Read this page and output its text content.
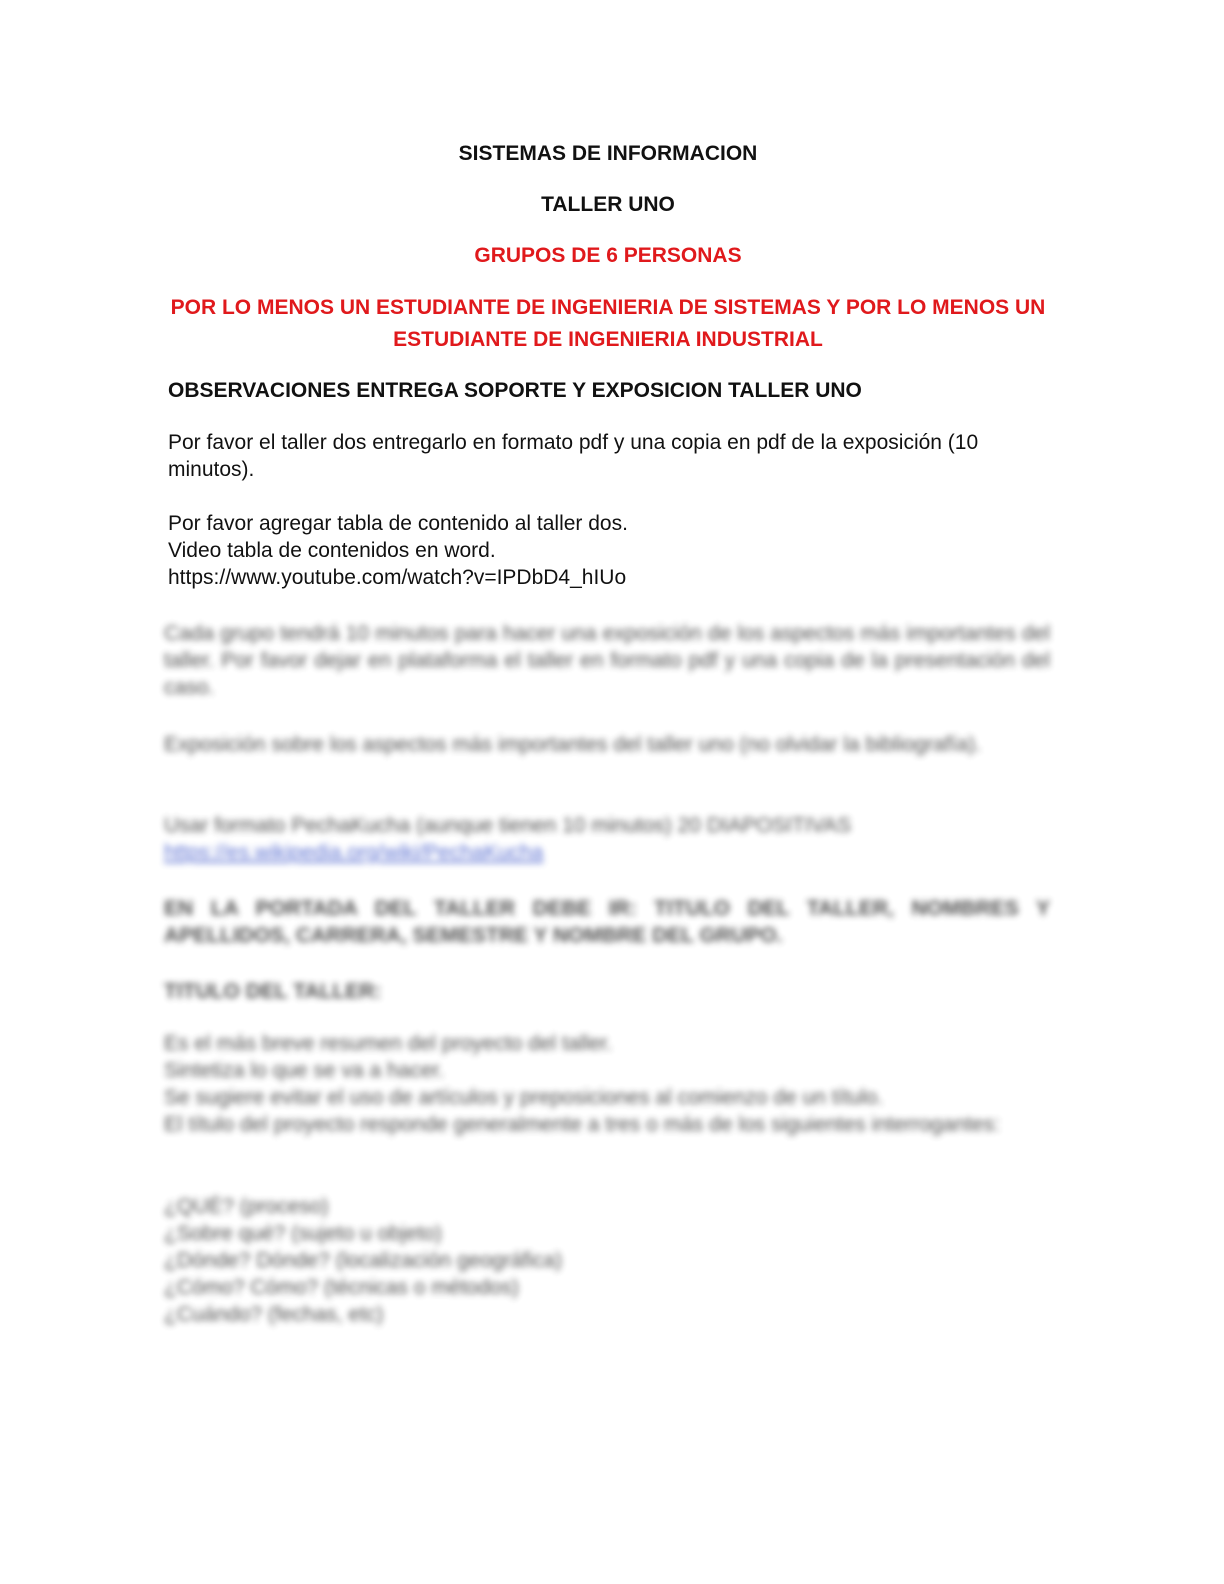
SISTEMAS DE INFORMACION
TALLER UNO
GRUPOS DE 6 PERSONAS
POR LO MENOS UN ESTUDIANTE DE INGENIERIA DE SISTEMAS Y POR LO MENOS UN ESTUDIANTE DE INGENIERIA INDUSTRIAL
OBSERVACIONES ENTREGA SOPORTE Y EXPOSICION TALLER UNO
Por favor el taller dos entregarlo en formato pdf y una copia en pdf de la exposición (10 minutos).
Por favor agregar tabla de contenido al taller dos.
Video tabla de contenidos en word.
https://www.youtube.com/watch?v=IPDbD4_hIUo

Cada grupo tendrá 10 minutos para hacer una exposición de los aspectos más importantes del taller. Por favor dejar en plataforma el taller en formato pdf y una copia de la presentación del caso.

Exposición sobre los aspectos más importantes del taller uno (no olvidar la bibliografía).

Usar formato PechaKucha (aunque tienen 10 minutos) 20 DIAPOSITIVAS

https://es.wikipedia.org/wiki/PechaKucha

EN LA PORTADA DEL TALLER DEBE IR: TITULO DEL TALLER, NOMBRES Y APELLIDOS, CARRERA, SEMESTRE Y NOMBRE DEL GRUPO.

TITULO DEL TALLER:

Es el más breve resumen del proyecto del taller.

Sintetiza lo que se va a hacer.

Se sugiere evitar el uso de artículos y preposiciones al comienzo de un título.

El título del proyecto responde generalmente a tres o más de los siguientes interrogantes:

¿QUÉ? (proceso)

¿Sobre qué? (sujeto u objeto)

¿Dónde? Dónde? (localización geográfica)

¿Cómo? Cómo? (técnicas o métodos)

¿Cuándo? (fechas, etc)
